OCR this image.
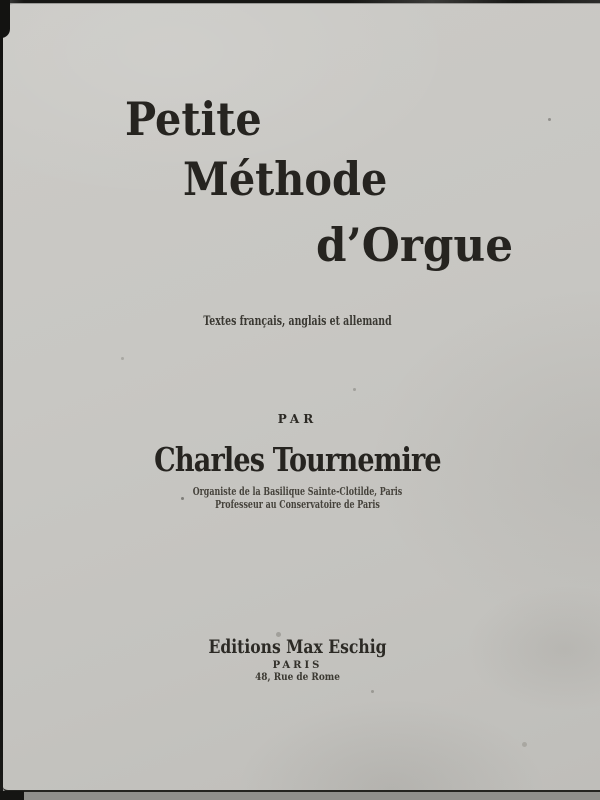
Petite
Méthode
d’Orgue
Textes français, anglais et allemand
PAR
Charles Tournemire
Organiste de la Basilique Sainte-Clotilde, Paris
Professeur au Conservatoire de Paris
Editions Max Eschig
PARIS
48, Rue de Rome
